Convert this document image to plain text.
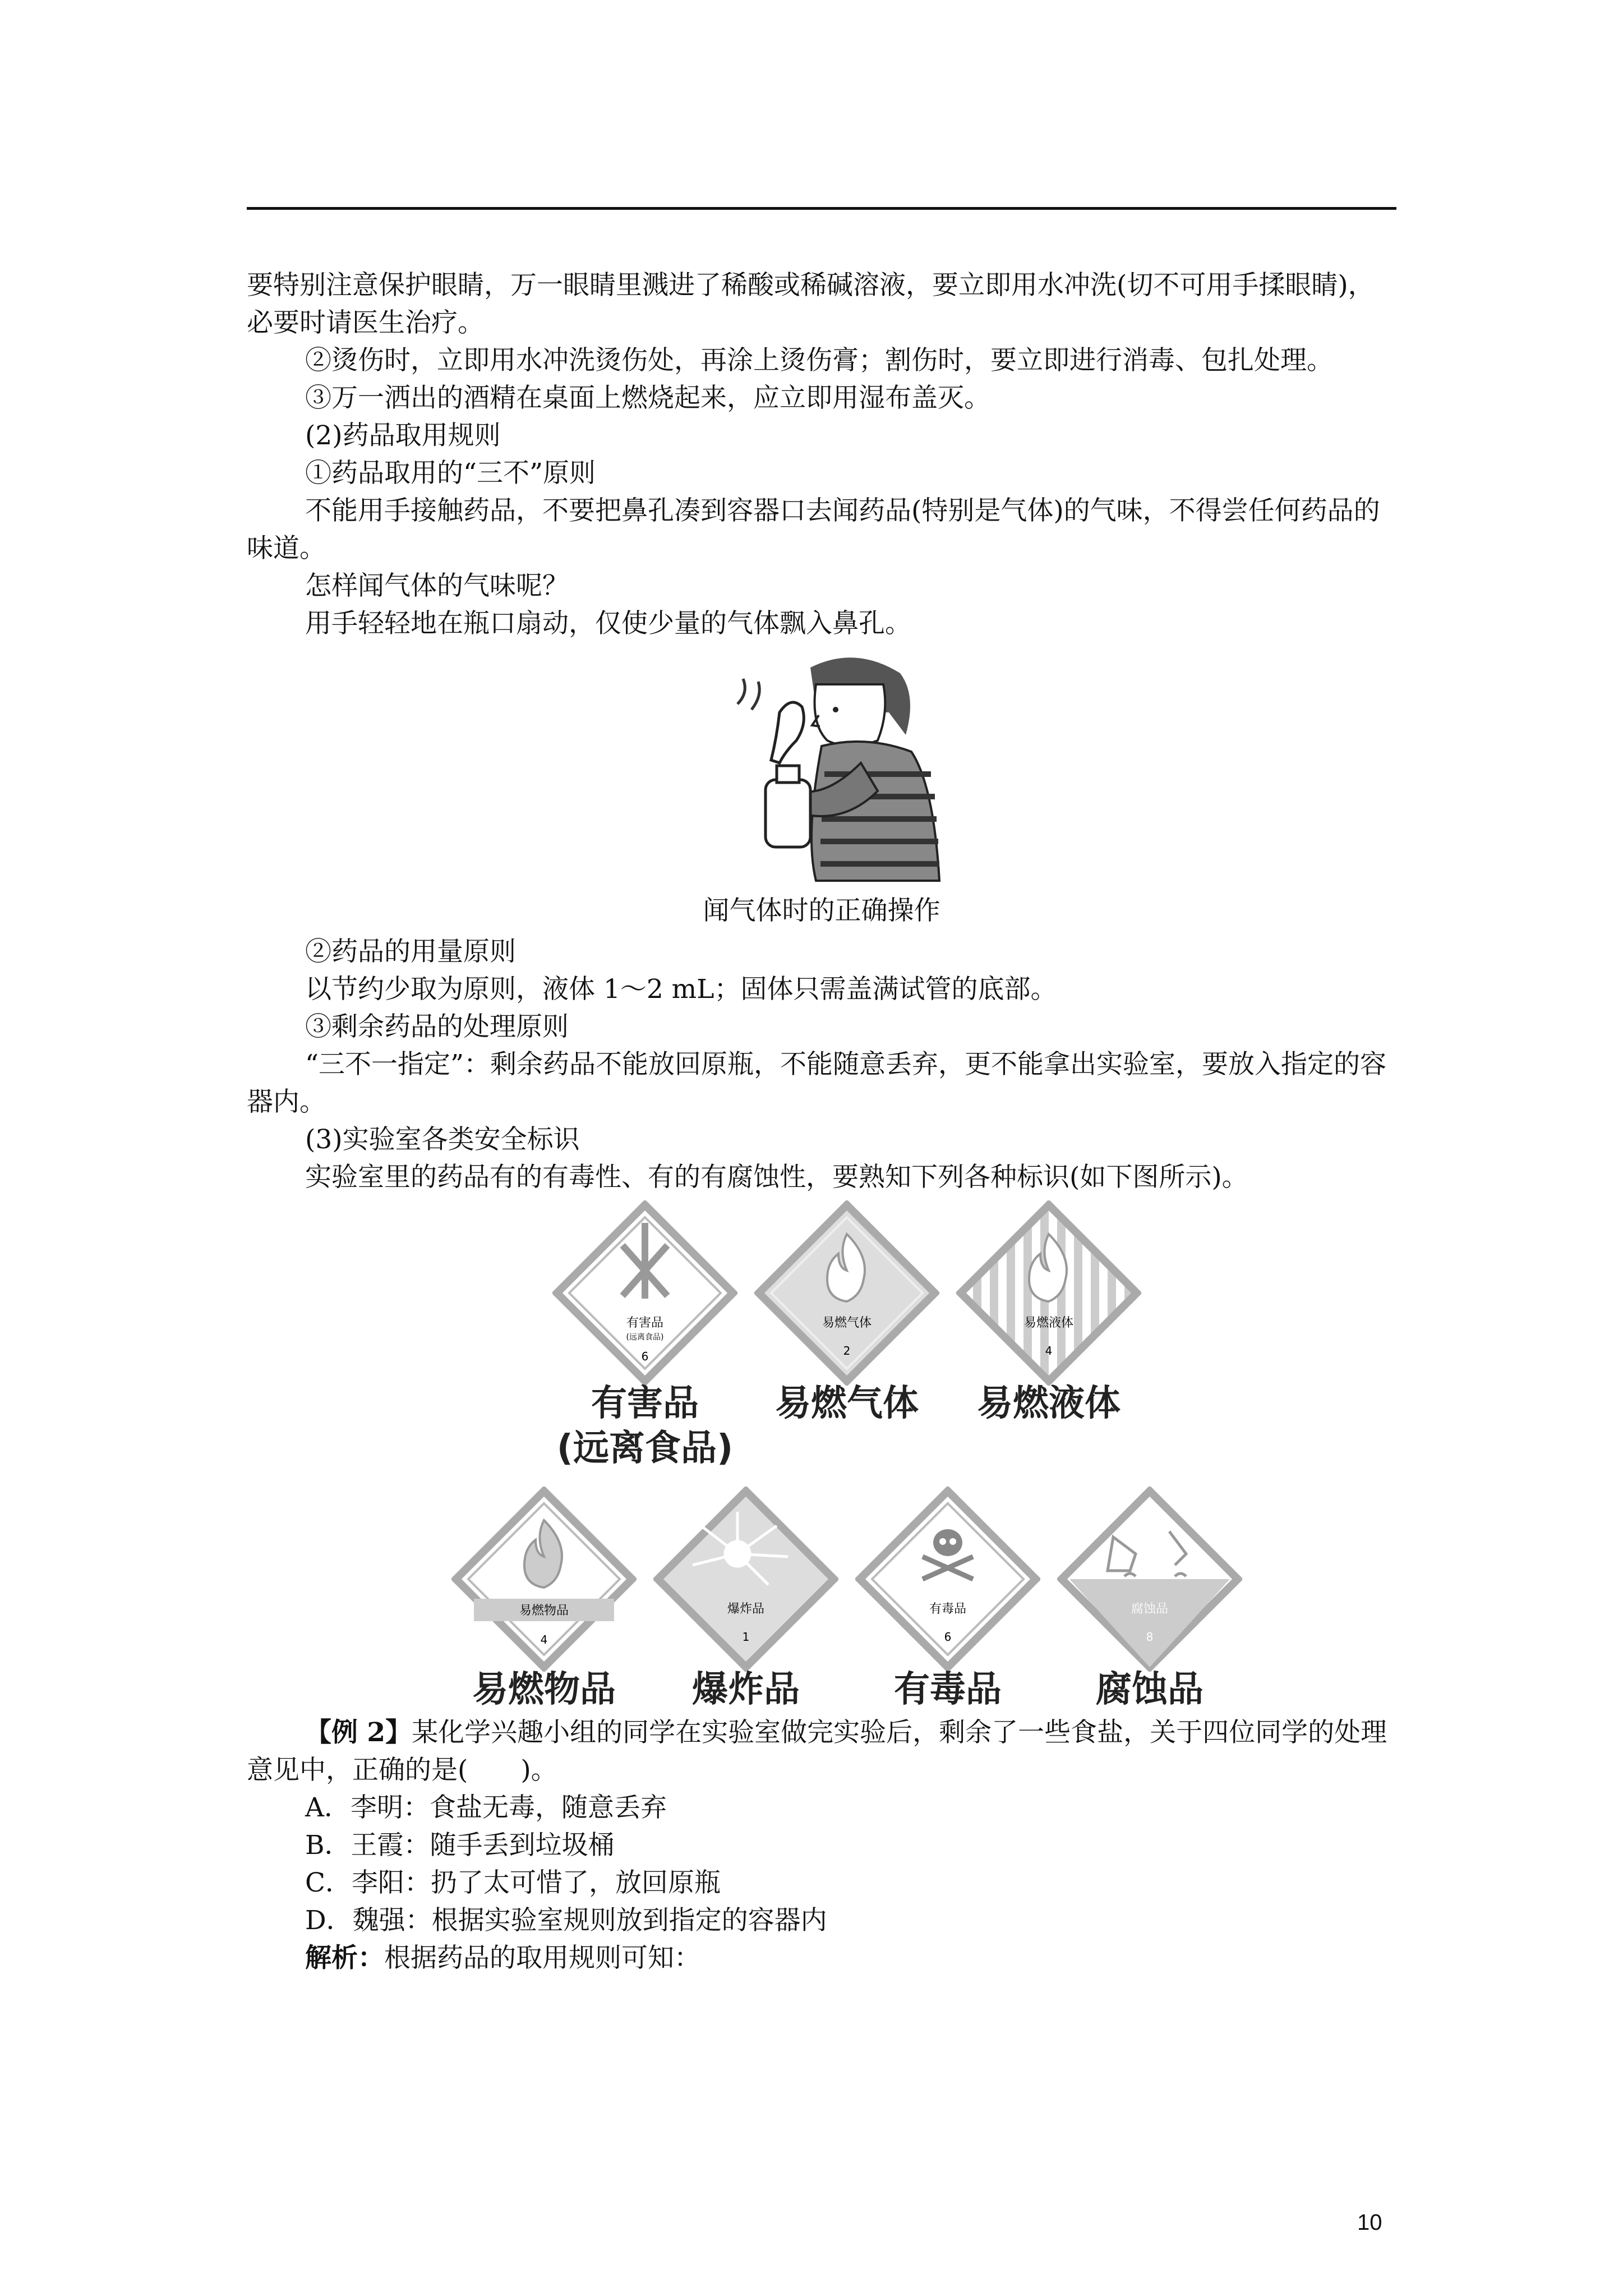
要特别注意保护眼睛，万一眼睛里溅进了稀酸或稀碱溶液，要立即用水冲洗(切不可用手揉眼睛)，必要时请医生治疗。

②烫伤时，立即用水冲洗烫伤处，再涂上烫伤膏；割伤时，要立即进行消毒、包扎处理。

③万一洒出的酒精在桌面上燃烧起来，应立即用湿布盖灭。

(2)药品取用规则

①药品取用的“三不”原则

不能用手接触药品，不要把鼻孔凑到容器口去闻药品(特别是气体)的气味，不得尝任何药品的味道。

怎样闻气体的气味呢？

用手轻轻地在瓶口扇动，仅使少量的气体飘入鼻孔。

闻气体时的正确操作

②药品的用量原则

以节约少取为原则，液体 1～2 mL；固体只需盖满试管的底部。

③剩余药品的处理原则

“三不一指定”：剩余药品不能放回原瓶，不能随意丢弃，更不能拿出实验室，要放入指定的容器内。

(3)实验室各类安全标识

实验室里的药品有的有毒性、有的有腐蚀性，要熟知下列各种标识(如下图所示)。

有害品
(远离食品)
6
易燃气体
2
易燃液体
4
有害品
(远离食品)
易燃气体	易燃液体
易燃物品
4
爆炸品
1
有毒品
6
腐蚀品
8
易燃物品	爆炸品	有毒品	腐蚀品

【例 2】某化学兴趣小组的同学在实验室做完实验后，剩余了一些食盐，关于四位同学的处理意见中，正确的是(　　)。

A．李明：食盐无毒，随意丢弃

B．王霞：随手丢到垃圾桶

C．李阳：扔了太可惜了，放回原瓶

D．魏强：根据实验室规则放到指定的容器内

解析：根据药品的取用规则可知：

10
